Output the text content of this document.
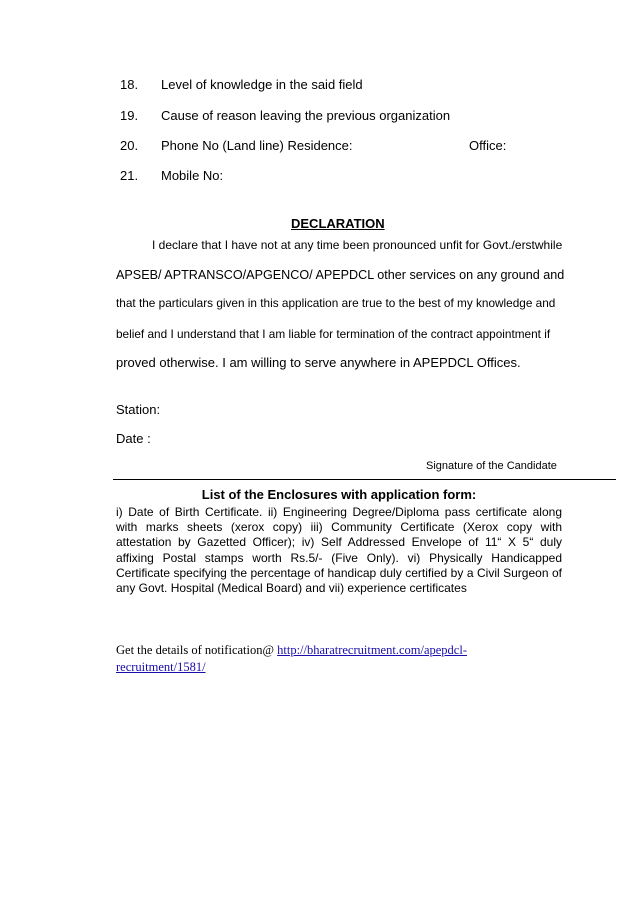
18. Level of knowledge in the said field
19. Cause of reason leaving the previous organization
20. Phone No (Land line) Residence:	Office:
21. Mobile No:
DECLARATION
I declare that I have not at any time been pronounced unfit for Govt./erstwhile
APSEB/ APTRANSCO/APGENCO/ APEPDCL other services on any ground and
that the particulars given in this application are true to the best of my knowledge and
belief and I understand that I am liable for termination of the contract appointment if
proved otherwise. I am willing to serve anywhere in APEPDCL Offices.
Station:
Date :
Signature of the Candidate

List of the Enclosures with application form:

i) Date of Birth Certificate. ii) Engineering Degree/Diploma pass certificate along with marks sheets (xerox copy) iii) Community Certificate (Xerox copy with attestation by Gazetted Officer); iv) Self Addressed Envelope of 11“ X 5“ duly affixing Postal stamps worth Rs.5/- (Five Only). vi) Physically Handicapped Certificate specifying the percentage of handicap duly certified by a Civil Surgeon of any Govt. Hospital (Medical Board) and vii) experience certificates

Get the details of notification@ http://bharatrecruitment.com/apepdcl-recruitment/1581/
